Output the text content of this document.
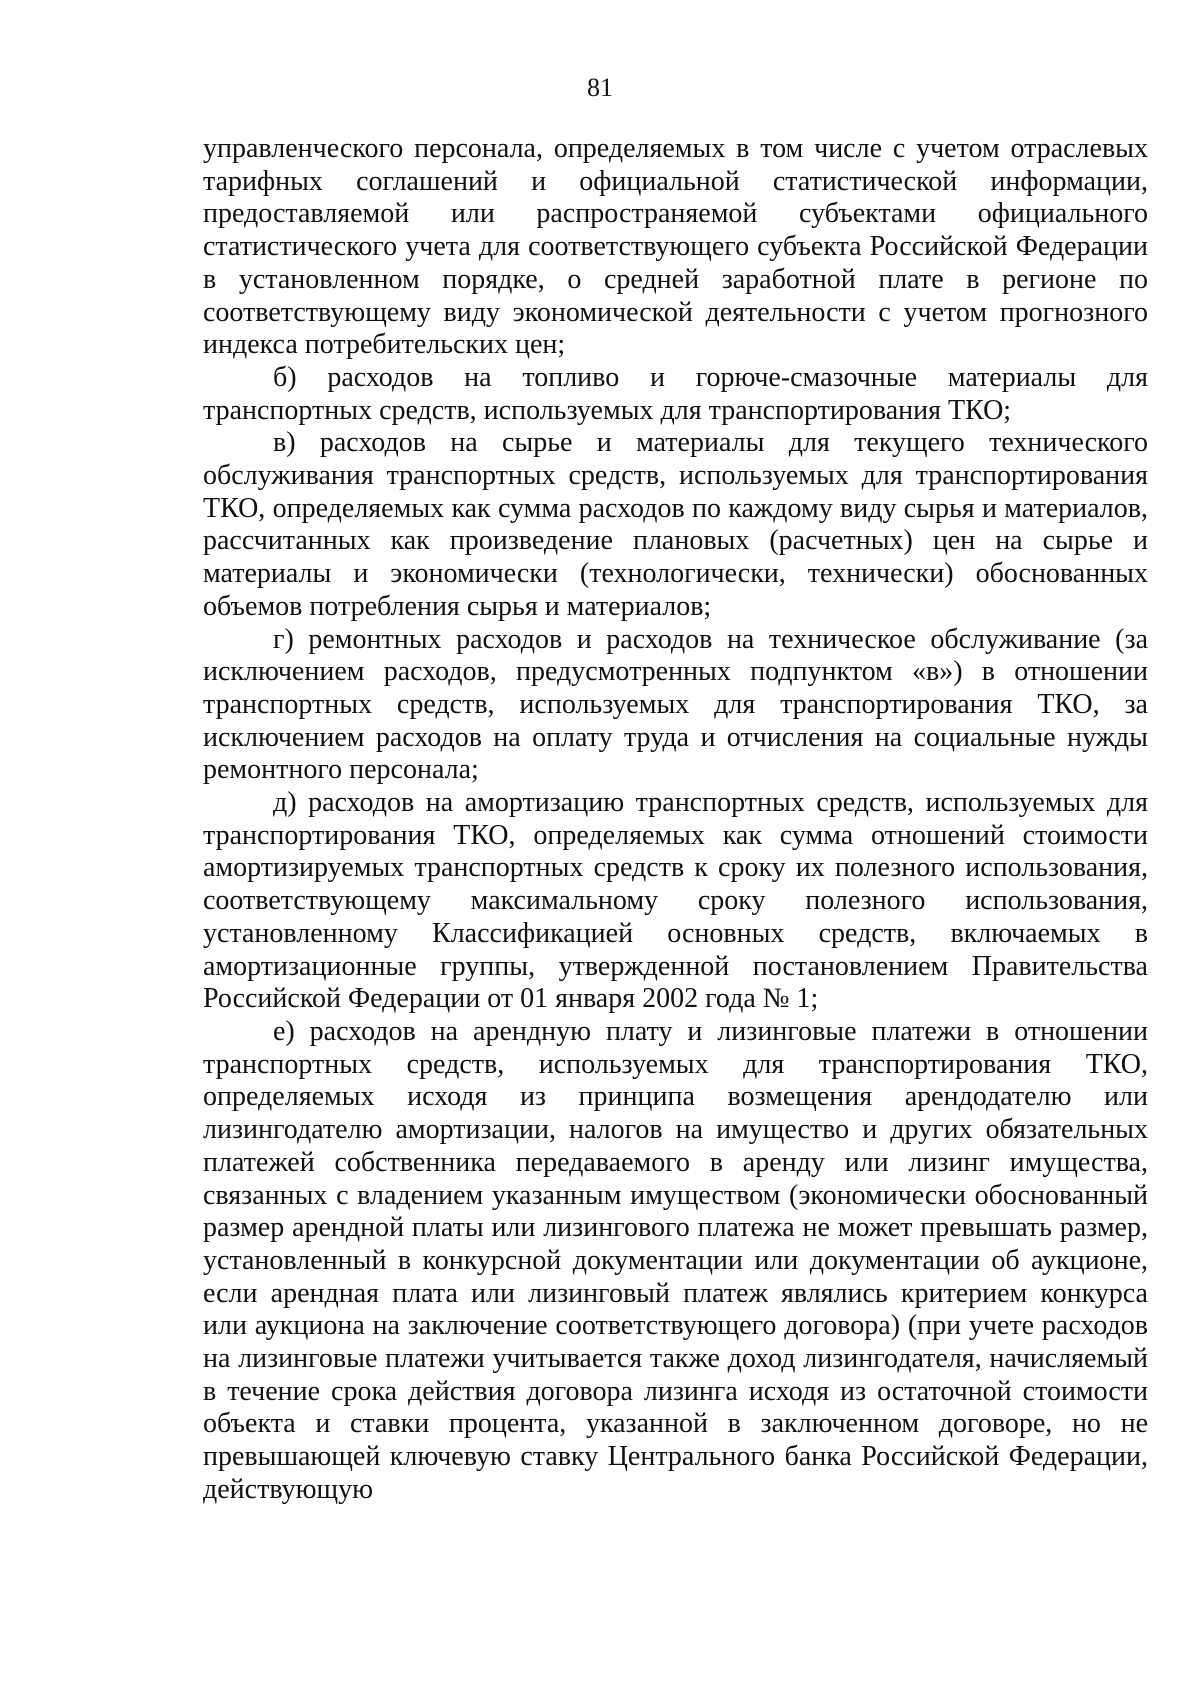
81

управленческого персонала, определяемых в том числе с учетом отраслевых тарифных соглашений и официальной статистической информации, предоставляемой или распространяемой субъектами официального статистического учета для соответствующего субъекта Российской Федерации в установленном порядке, о средней заработной плате в регионе по соответствующему виду экономической деятельности с учетом прогнозного индекса потребительских цен;

б) расходов на топливо и горюче-смазочные материалы для транспортных средств, используемых для транспортирования ТКО;

в) расходов на сырье и материалы для текущего технического обслуживания транспортных средств, используемых для транспортирования ТКО, определяемых как сумма расходов по каждому виду сырья и материалов, рассчитанных как произведение плановых (расчетных) цен на сырье и материалы и экономически (технологически, технически) обоснованных объемов потребления сырья и материалов;

г) ремонтных расходов и расходов на техническое обслуживание (за исключением расходов, предусмотренных подпунктом «в») в отношении транспортных средств, используемых для транспортирования ТКО, за исключением расходов на оплату труда и отчисления на социальные нужды ремонтного персонала;

д) расходов на амортизацию транспортных средств, используемых для транспортирования ТКО, определяемых как сумма отношений стоимости амортизируемых транспортных средств к сроку их полезного использования, соответствующему максимальному сроку полезного использования, установленному Классификацией основных средств, включаемых в амортизационные группы, утвержденной постановлением Правительства Российской Федерации от 01 января 2002 года № 1;

е) расходов на арендную плату и лизинговые платежи в отношении транспортных средств, используемых для транспортирования ТКО, определяемых исходя из принципа возмещения арендодателю или лизингодателю амортизации, налогов на имущество и других обязательных платежей собственника передаваемого в аренду или лизинг имущества, связанных с владением указанным имуществом (экономически обоснованный размер арендной платы или лизингового платежа не может превышать размер, установленный в конкурсной документации или документации об аукционе, если арендная плата или лизинговый платеж являлись критерием конкурса или аукциона на заключение соответствующего договора) (при учете расходов на лизинговые платежи учитывается также доход лизингодателя, начисляемый в течение срока действия договора лизинга исходя из остаточной стоимости объекта и ставки процента, указанной в заключенном договоре, но не превышающей ключевую ставку Центрального банка Российской Федерации, действующую
